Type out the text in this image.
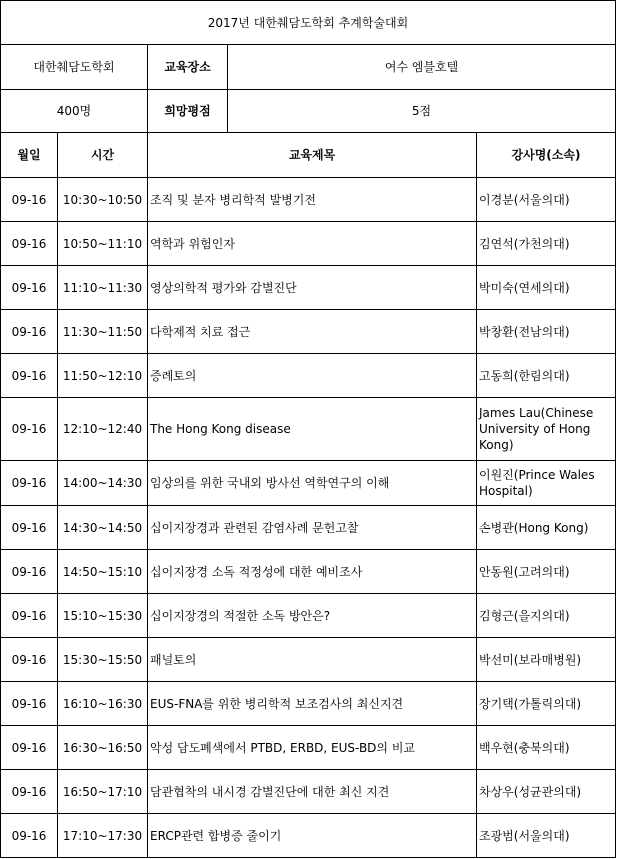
2017년 대한췌담도학회 추계학술대회				
대한췌담도학회		교육장소	여수 엠블호텔	
400명		희망평점	5점	
월일	시간	교육제목		강사명(소속)
09-16	10:30~10:50	조직 및 분자 병리학적 발병기전		이경분(서울의대)
09-16	10:50~11:10	역학과 위험인자		김연석(가천의대)
09-16	11:10~11:30	영상의학적 평가와 감별진단		박미숙(연세의대)
09-16	11:30~11:50	다학제적 치료 접근		박창환(전남의대)
09-16	11:50~12:10	증례토의		고동희(한림의대)
09-16	12:10~12:40	The Hong Kong disease		James Lau(Chinese University of Hong Kong)
09-16	14:00~14:30	임상의를 위한 국내외 방사선 역학연구의 이해		이원진(Prince Wales Hospital)
09-16	14:30~14:50	십이지장경과 관련된 감염사례 문헌고찰		손병관(Hong Kong)
09-16	14:50~15:10	십이지장경 소독 적정성에 대한 예비조사		안동원(고려의대)
09-16	15:10~15:30	십이지장경의 적절한 소독 방안은?		김형근(을지의대)
09-16	15:30~15:50	패널토의		박선미(보라매병원)
09-16	16:10~16:30	EUS-FNA를 위한 병리학적 보조검사의 최신지견		장기택(가톨릭의대)
09-16	16:30~16:50	악성 담도폐색에서 PTBD, ERBD, EUS-BD의 비교		백우현(충북의대)
09-16	16:50~17:10	담관협착의 내시경 감별진단에 대한 최신 지견		차상우(성균관의대)
09-16	17:10~17:30	ERCP관련 합병증 줄이기		조광범(서울의대)
